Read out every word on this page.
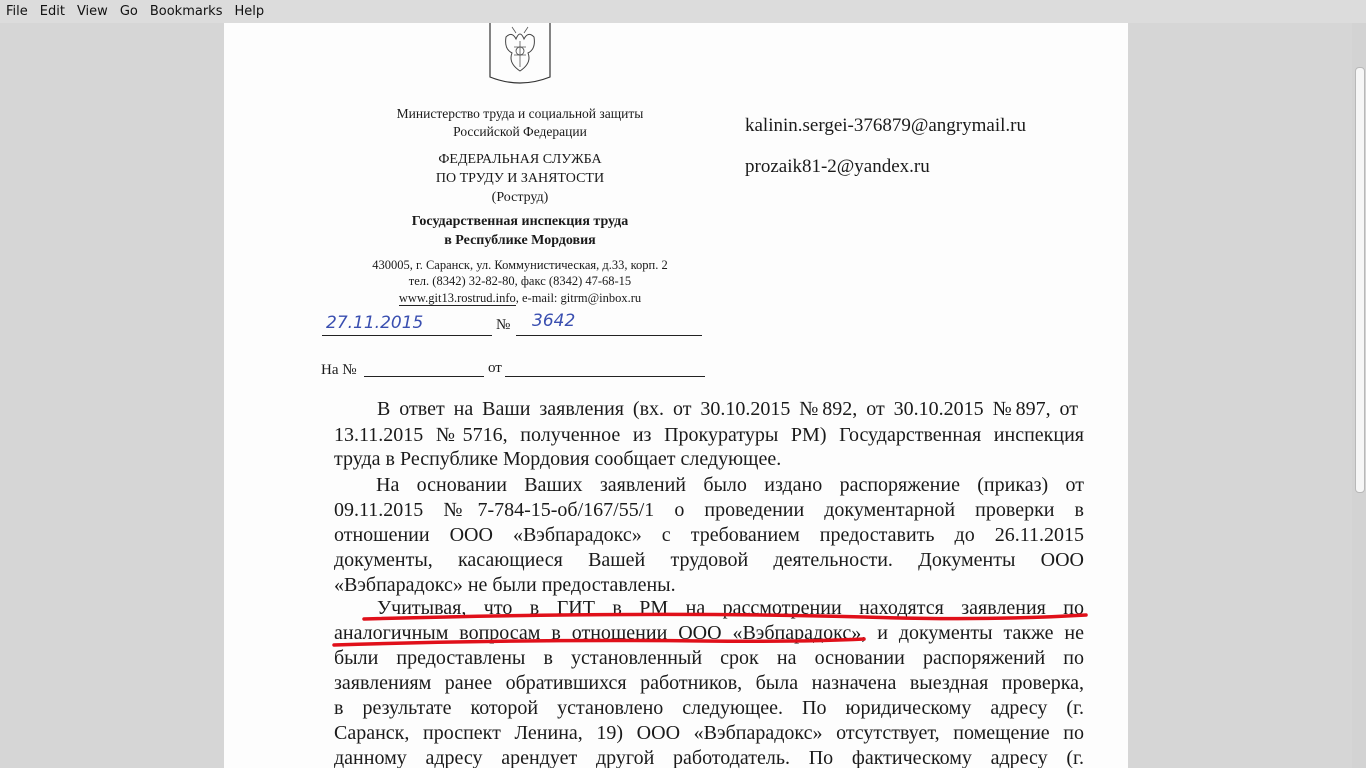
File Edit View Go Bookmarks Help
Министерство труда и социальной защиты
Российской Федерации
ФЕДЕРАЛЬНАЯ СЛУЖБА
ПО ТРУДУ И ЗАНЯТОСТИ
(Роструд)
Государственная инспекция труда
в Республике Мордовия
430005, г. Саранск, ул. Коммунистическая, д.33, корп. 2
тел. (8342) 32-82-80, факс (8342) 47-68-15
www.git13.rostrud.info, e-mail: gitrm@inbox.ru
27.11.2015	№ 3642
На №	от
kalinin.sergei-376879@angrymail.ru
prozaik81-2@yandex.ru
В ответ на Ваши заявления (вх. от 30.10.2015 №892, от 30.10.2015 №897, от
13.11.2015 №5716, полученное из Прокуратуры РМ) Государственная инспекция
труда в Республике Мордовия сообщает следующее.
На основании Ваших заявлений было издано распоряжение (приказ) от
09.11.2015 №7-784-15-об/167/55/1 о проведении документарной проверки в
отношении ООО «Вэбпарадокс» с требованием предоставить до 26.11.2015
документы, касающиеся Вашей трудовой деятельности. Документы ООО
«Вэбпарадокс» не были предоставлены.
Учитывая, что в ГИТ в РМ на рассмотрении находятся заявления по
аналогичным вопросам в отношении ООО «Вэбпарадокс», и документы также не
были предоставлены в установленный срок на основании распоряжений по
заявлениям ранее обратившихся работников, была назначена выездная проверка,
в результате которой установлено следующее. По юридическому адресу (г.
Саранск, проспект Ленина, 19) ООО «Вэбпарадокс» отсутствует, помещение по
данному адресу арендует другой работодатель. По фактическому адресу (г.
